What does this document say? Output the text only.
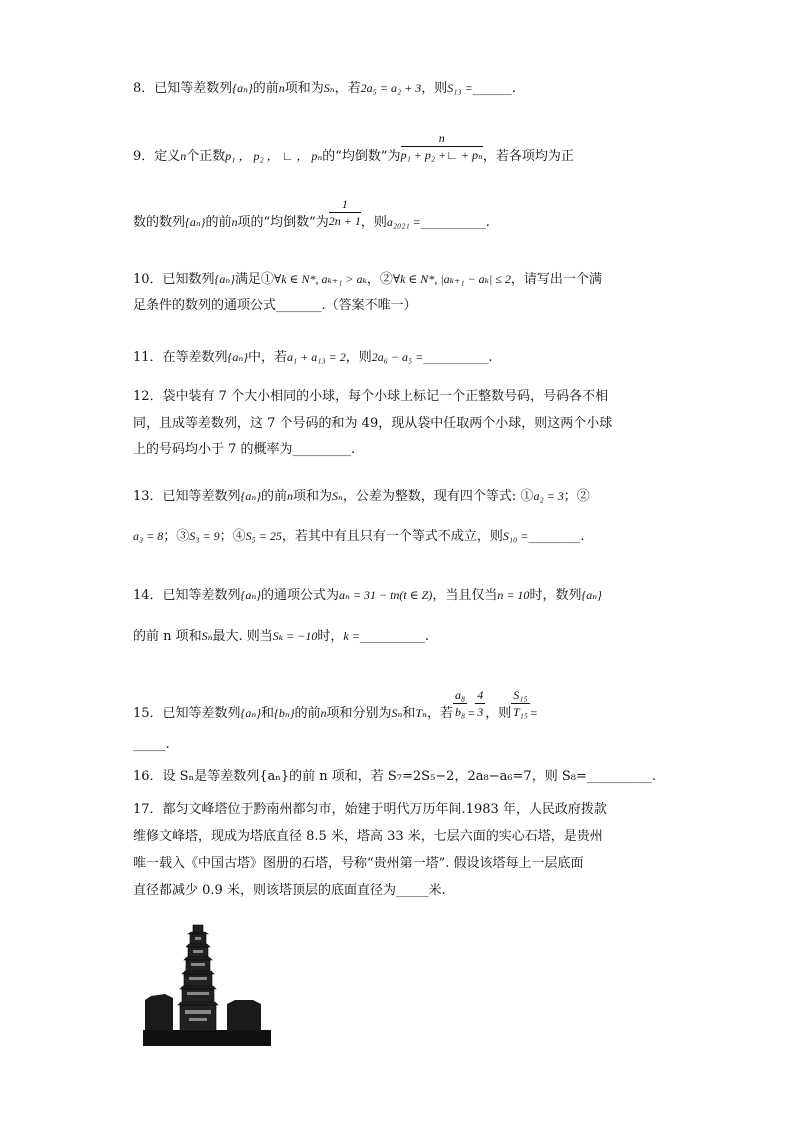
8．已知等差数列{aₙ}的前n项和为Sₙ，若2a₅ = a₂ + 3，则S₁₃ =______.
9．定义n个正数p₁ ， p₂ ， ∟ ， pₙ的“均倒数”为 $\frac{n}{\text{p₁ + p₂ +∟ + pₙ}}$ ，若各项均为正
数的数列{aₙ}的前n项的“均倒数”为 $\frac{1}{2n + 1}$ ，则a₂₀₂₁ =__________.
10．已知数列{aₙ}满足①∀k ∈ N*, aₖ₊₁ > aₖ，②∀k ∈ N*, |aₖ₊₁ − aₖ| ≤ 2，请写出一个满
足条件的数列的通项公式_______.（答案不唯一）
11．在等差数列{aₙ}中，若a₁ + a₁₃ = 2，则2a₆ − a₅ =__________.
12．袋中装有 7 个大小相同的小球，每个小球上标记一个正整数号码，号码各不相
同，且成等差数列，这 7 个号码的和为 49，现从袋中任取两个小球，则这两个小球
上的号码均小于 7 的概率为_________.
13．已知等差数列{aₙ}的前n项和为Sₙ，公差为整数，现有四个等式: ①a₂ = 3；②
a₃ = 8；③S₃ = 9；④S₅ = 25，若其中有且只有一个等式不成立，则S₁₀ =________.
14．已知等差数列{aₙ}的通项公式为aₙ = 31 − tn(t ∈ Z)，当且仅当n = 10时，数列{aₙ}
的前 n 项和Sₙ最大. 则当Sₖ = −10时，k =__________.
15．已知等差数列{aₙ}和{bₙ}的前n项和分别为Sₙ和Tₙ，若 $\frac{\text{a₈}}{\text{b₈}} = \frac{4}{3}$ ，则 $\frac{\text{S₁₅}}{\text{T₁₅}}$ =
_____.
16．设 Sₙ是等差数列{aₙ}的前 n 项和，若 S₇=2S₅−2，2a₈−a₆=7，则 S₈=__________.
17．都匀文峰塔位于黔南州都匀市，始建于明代万历年间.1983 年，人民政府拨款
维修文峰塔，现成为塔底直径 8.5 米，塔高 33 米，七层六面的实心石塔，是贵州
唯一载入《中国古塔》图册的石塔，号称“贵州第一塔”. 假设该塔每上一层底面
直径都减少 0.9 米，则该塔顶层的底面直径为_____米.
